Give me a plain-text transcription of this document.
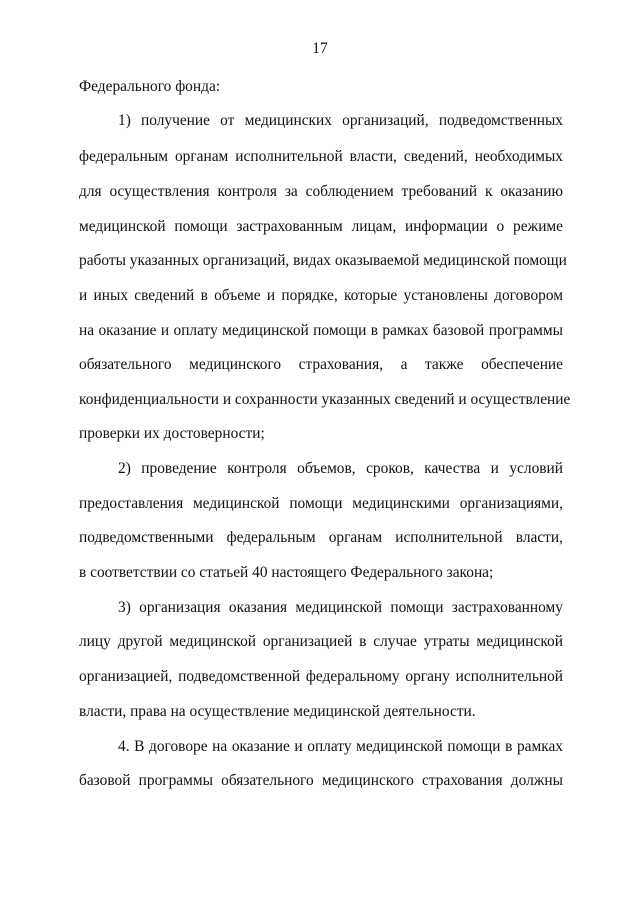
17
Федерального фонда:
1) получение от медицинских организаций, подведомственных
федеральным органам исполнительной власти, сведений, необходимых
для осуществления контроля за соблюдением требований к оказанию
медицинской помощи застрахованным лицам, информации о режиме
работы указанных организаций, видах оказываемой медицинской помощи
и иных сведений в объеме и порядке, которые установлены договором
на оказание и оплату медицинской помощи в рамках базовой программы
обязательного медицинского страхования, а также обеспечение
конфиденциальности и сохранности указанных сведений и осуществление
проверки их достоверности;
2) проведение контроля объемов, сроков, качества и условий
предоставления медицинской помощи медицинскими организациями,
подведомственными федеральным органам исполнительной власти,
в соответствии со статьей 40 настоящего Федерального закона;
3) организация оказания медицинской помощи застрахованному
лицу другой медицинской организацией в случае утраты медицинской
организацией, подведомственной федеральному органу исполнительной
власти, права на осуществление медицинской деятельности.
4. В договоре на оказание и оплату медицинской помощи в рамках
базовой программы обязательного медицинского страхования должны
